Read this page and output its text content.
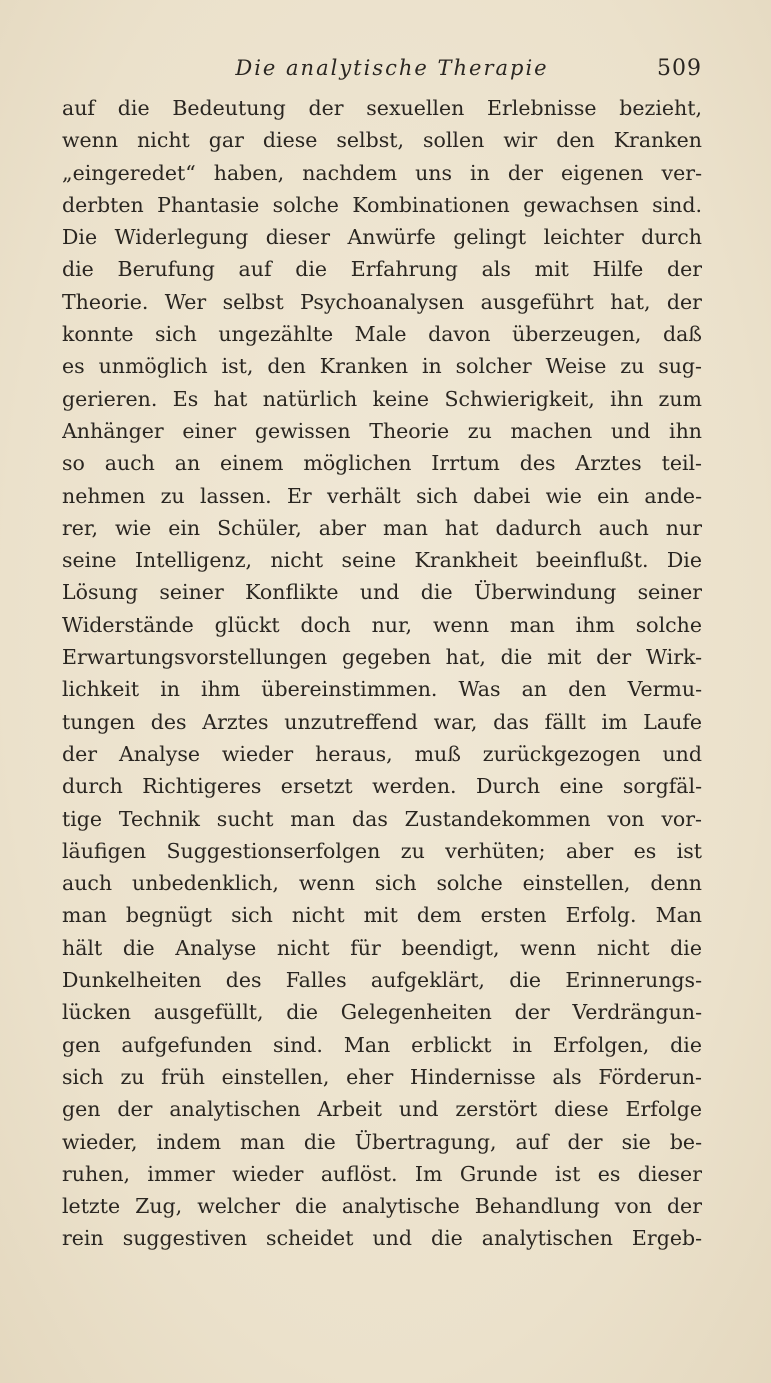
Die analytische Therapie	509
auf die Bedeutung der sexuellen Erlebnisse bezieht,
wenn nicht gar diese selbst, sollen wir den Kranken
„eingeredet“ haben, nachdem uns in der eigenen ver-
derbten Phantasie solche Kombinationen gewachsen sind.
Die Widerlegung dieser Anwürfe gelingt leichter durch
die Berufung auf die Erfahrung als mit Hilfe der
Theorie. Wer selbst Psychoanalysen ausgeführt hat, der
konnte sich ungezählte Male davon überzeugen, daß
es unmöglich ist, den Kranken in solcher Weise zu sug-
gerieren. Es hat natürlich keine Schwierigkeit, ihn zum
Anhänger einer gewissen Theorie zu machen und ihn
so auch an einem möglichen Irrtum des Arztes teil-
nehmen zu lassen. Er verhält sich dabei wie ein ande-
rer, wie ein Schüler, aber man hat dadurch auch nur
seine Intelligenz, nicht seine Krankheit beeinflußt. Die
Lösung seiner Konflikte und die Überwindung seiner
Widerstände glückt doch nur, wenn man ihm solche
Erwartungsvorstellungen gegeben hat, die mit der Wirk-
lichkeit in ihm übereinstimmen. Was an den Vermu-
tungen des Arztes unzutreffend war, das fällt im Laufe
der Analyse wieder heraus, muß zurückgezogen und
durch Richtigeres ersetzt werden. Durch eine sorgfäl-
tige Technik sucht man das Zustandekommen von vor-
läufigen Suggestionserfolgen zu verhüten; aber es ist
auch unbedenklich, wenn sich solche einstellen, denn
man begnügt sich nicht mit dem ersten Erfolg. Man
hält die Analyse nicht für beendigt, wenn nicht die
Dunkelheiten des Falles aufgeklärt, die Erinnerungs-
lücken ausgefüllt, die Gelegenheiten der Verdrängun-
gen aufgefunden sind. Man erblickt in Erfolgen, die
sich zu früh einstellen, eher Hindernisse als Förderun-
gen der analytischen Arbeit und zerstört diese Erfolge
wieder, indem man die Übertragung, auf der sie be-
ruhen, immer wieder auflöst. Im Grunde ist es dieser
letzte Zug, welcher die analytische Behandlung von der
rein suggestiven scheidet und die analytischen Ergeb-
